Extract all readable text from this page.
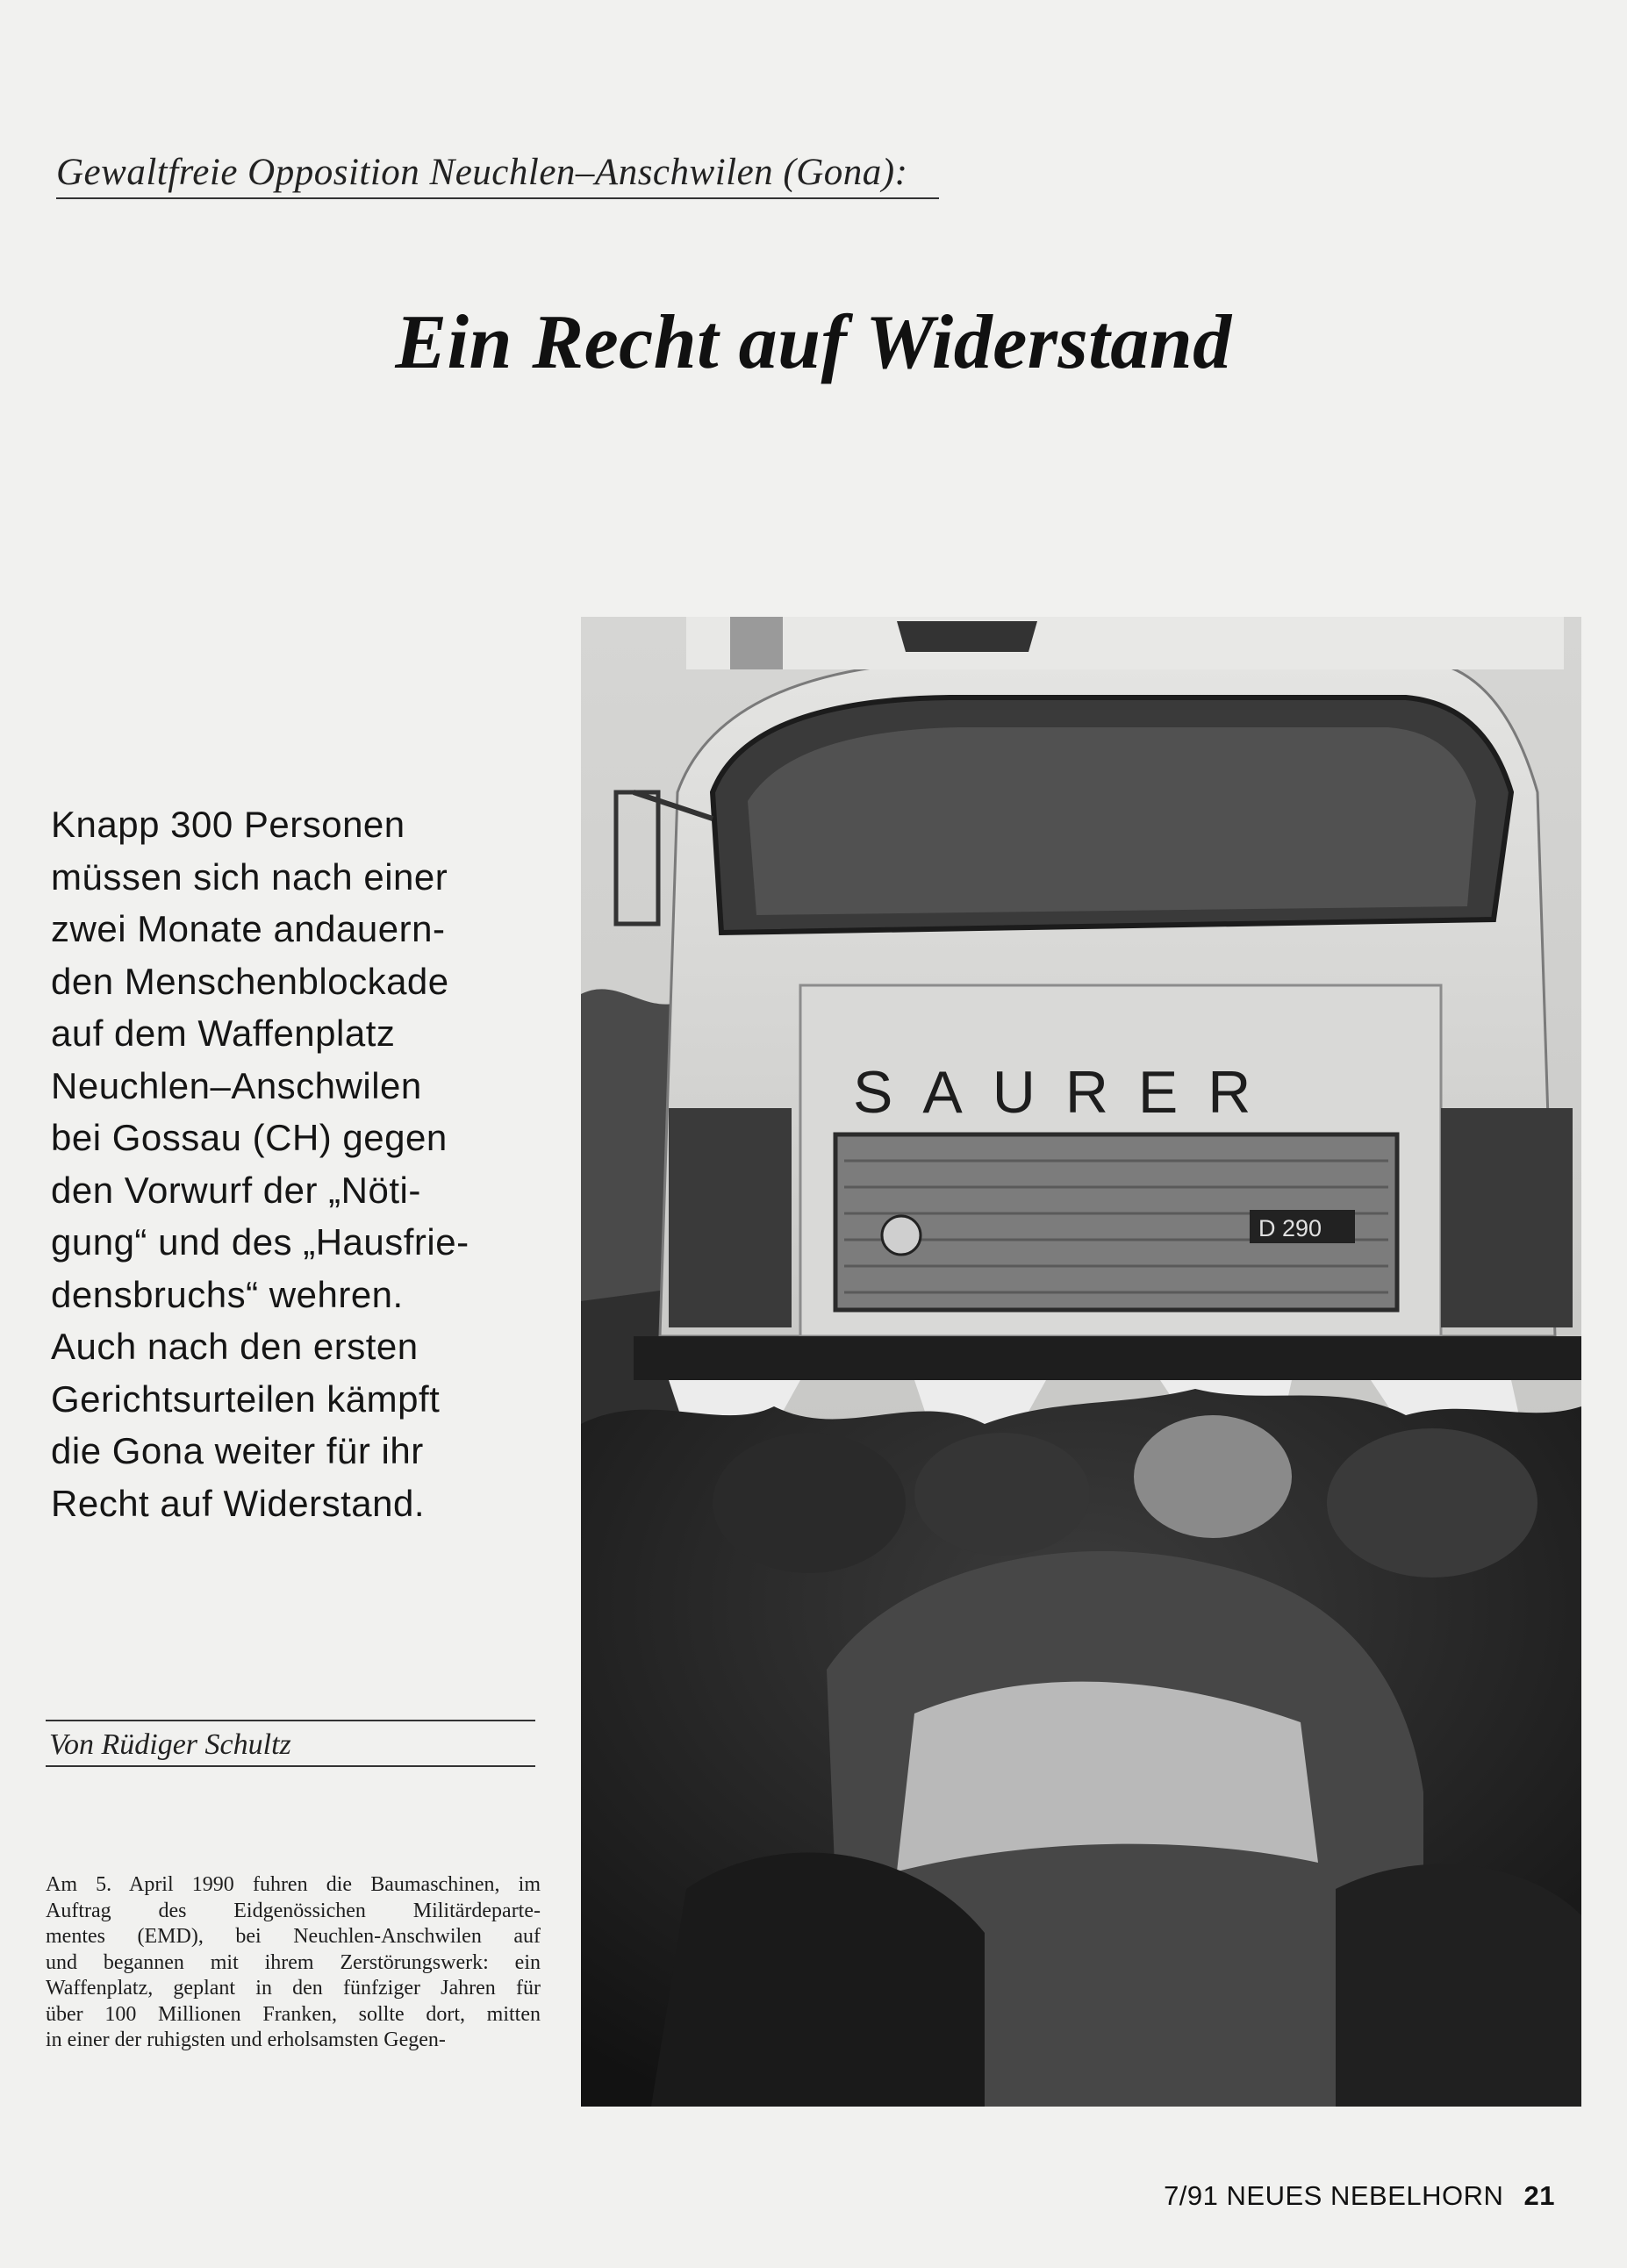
Gewaltfreie Opposition Neuchlen–Anschwilen (Gona):
Ein Recht auf Widerstand
Knapp 300 Personen
müssen sich nach einer
zwei Monate andauern-
den Menschenblockade
auf dem Waffenplatz
Neuchlen–Anschwilen
bei Gossau (CH) gegen
den Vorwurf der „Nöti-
gung“ und des „Hausfrie-
densbruchs“ wehren.
Auch nach den ersten
Gerichtsurteilen kämpft
die Gona weiter für ihr
Recht auf Widerstand.
Von Rüdiger Schultz
Am 5. April 1990 fuhren die Baumaschinen, im
Auftrag des Eidgenössichen Militärdeparte-
mentes (EMD), bei Neuchlen-Anschwilen auf
und begannen mit ihrem Zerstörungswerk: ein
Waffenplatz, geplant in den fünfziger Jahren für
über 100 Millionen Franken, sollte dort, mitten
in einer der ruhigsten und erholsamsten Gegen-
SAURER
D 290
7/91 NEUES NEBELHORN 21
